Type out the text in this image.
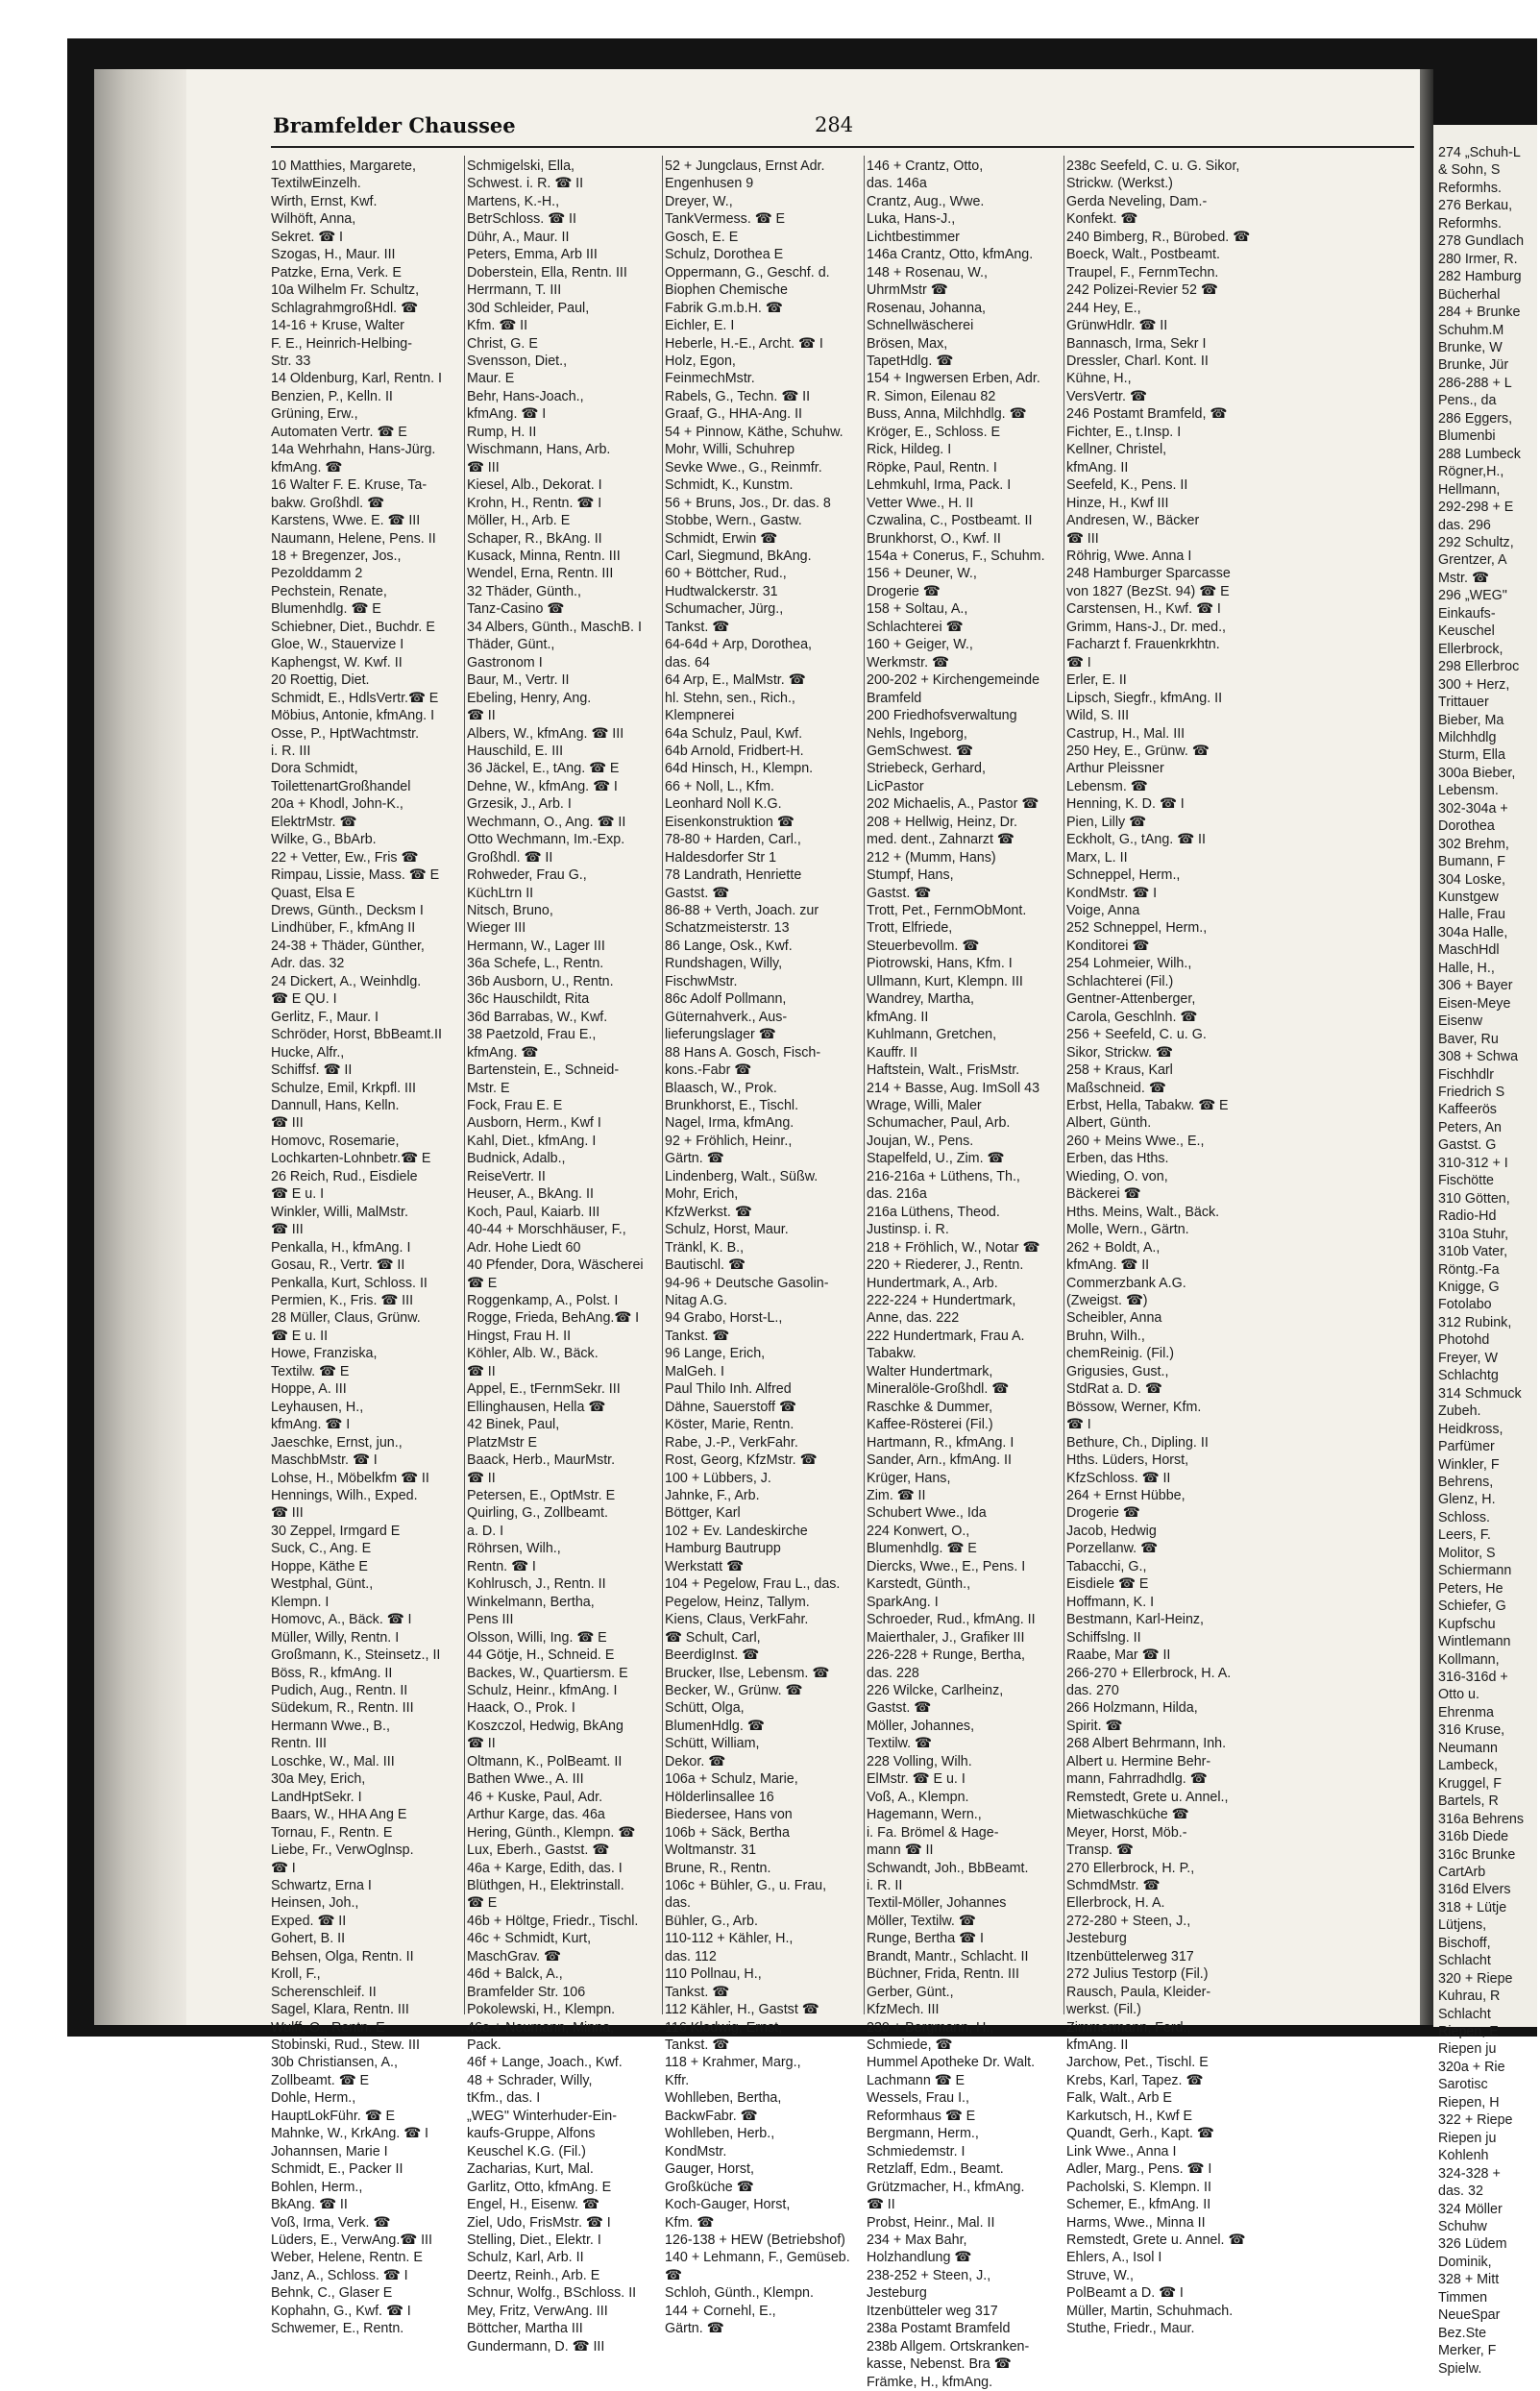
Bramfelder Chaussee	284
10 Matthies, Margarete,
TextilwEinzelh.
Wirth, Ernst, Kwf.
Wilhöft, Anna,
Sekret. ☎ I
Szogas, H., Maur. III
Patzke, Erna, Verk. E
10a Wilhelm Fr. Schultz,
SchlagrahmgroßHdl. ☎
14-16 + Kruse, Walter
F. E., Heinrich-Helbing-
Str. 33
14 Oldenburg, Karl, Rentn. I
Benzien, P., Kelln. II
Grüning, Erw.,
Automaten Vertr. ☎ E
14a Wehrhahn, Hans-Jürg.
kfmAng. ☎
16 Walter F. E. Kruse, Ta-
bakw. Großhdl. ☎
Karstens, Wwe. E. ☎ III
Naumann, Helene, Pens. II
18 + Bregenzer, Jos.,
Pezolddamm 2
Pechstein, Renate,
Blumenhdlg. ☎ E
Schiebner, Diet., Buchdr. E
Gloe, W., Stauervize I
Kaphengst, W. Kwf. II
20 Roettig, Diet.
Schmidt, E., HdlsVertr.☎ E
Möbius, Antonie, kfmAng. I
Osse, P., HptWachtmstr.
i. R. III
Dora Schmidt,
ToilettenartGroßhandel
20a + Khodl, John-K.,
ElektrMstr. ☎
Wilke, G., BbArb.
22 + Vetter, Ew., Fris ☎
Rimpau, Lissie, Mass. ☎ E
Quast, Elsa E
Drews, Günth., Decksm I
Lindhüber, F., kfmAng II
24-38 + Thäder, Günther,
Adr. das. 32
24 Dickert, A., Weinhdlg.
☎ E QU. I
Gerlitz, F., Maur. I
Schröder, Horst, BbBeamt.II
Hucke, Alfr.,
Schiffsf. ☎ II
Schulze, Emil, Krkpfl. III
Dannull, Hans, Kelln.
☎ III
Homovc, Rosemarie,
Lochkarten-Lohnbetr.☎ E
26 Reich, Rud., Eisdiele
☎ E u. I
Winkler, Willi, MalMstr.
☎ III
Penkalla, H., kfmAng. I
Gosau, R., Vertr. ☎ II
Penkalla, Kurt, Schloss. II
Permien, K., Fris. ☎ III
28 Müller, Claus, Grünw.
☎ E u. II
Howe, Franziska,
Textilw. ☎ E
Hoppe, A. III
Leyhausen, H.,
kfmAng. ☎ I
Jaeschke, Ernst, jun.,
MaschbMstr. ☎ I
Lohse, H., Möbelkfm ☎ II
Hennings, Wilh., Exped.
☎ III
30 Zeppel, Irmgard E
Suck, C., Ang. E
Hoppe, Käthe E
Westphal, Günt.,
Klempn. I
Homovc, A., Bäck. ☎ I
Müller, Willy, Rentn. I
Großmann, K., Steinsetz., II
Böss, R., kfmAng. II
Pudich, Aug., Rentn. II
Südekum, R., Rentn. III
Hermann Wwe., B.,
Rentn. III
Loschke, W., Mal. III
30a Mey, Erich,
LandHptSekr. I
Baars, W., HHA Ang E
Tornau, F., Rentn. E
Liebe, Fr., VerwOglnsp.
☎ I
Schwartz, Erna I
Heinsen, Joh.,
Exped. ☎ II
Gohert, B. II
Behsen, Olga, Rentn. II
Kroll, F.,
Scherenschleif. II
Sagel, Klara, Rentn. III
Wulff, O., Rentn. E
Stobinski, Rud., Stew. III
30b Christiansen, A.,
Zollbeamt. ☎ E
Dohle, Herm.,
HauptLokFühr. ☎ E
Mahnke, W., KrkAng. ☎ I
Johannsen, Marie I
Schmidt, E., Packer II
Bohlen, Herm.,
BkAng. ☎ II
Voß, Irma, Verk. ☎
Lüders, E., VerwAng.☎ III
Weber, Helene, Rentn. E
Janz, A., Schloss. ☎ I
Behnk, C., Glaser E
Kophahn, G., Kwf. ☎ I
Schwemer, E., Rentn.
Schmigelski, Ella,
Schwest. i. R. ☎ II
Martens, K.-H.,
BetrSchloss. ☎ II
Dühr, A., Maur. II
Peters, Emma, Arb III
Doberstein, Ella, Rentn. III
Herrmann, T. III
30d Schleider, Paul,
Kfm. ☎ II
Christ, G. E
Svensson, Diet.,
Maur. E
Behr, Hans-Joach.,
kfmAng. ☎ I
Rump, H. II
Wischmann, Hans, Arb.
☎ III
Kiesel, Alb., Dekorat. I
Krohn, H., Rentn. ☎ I
Möller, H., Arb. E
Schaper, R., BkAng. II
Kusack, Minna, Rentn. III
Wendel, Erna, Rentn. III
32 Thäder, Günth.,
Tanz-Casino ☎
34 Albers, Günth., MaschB. I
Thäder, Günt.,
Gastronom I
Baur, M., Vertr. II
Ebeling, Henry, Ang.
☎ II
Albers, W., kfmAng. ☎ III
Hauschild, E. III
36 Jäckel, E., tAng. ☎ E
Dehne, W., kfmAng. ☎ I
Grzesik, J., Arb. I
Wechmann, O., Ang. ☎ II
Otto Wechmann, Im.-Exp.
Großhdl. ☎ II
Rohweder, Frau G.,
KüchLtrn II
Nitsch, Bruno,
Wieger III
Hermann, W., Lager III
36a Schefe, L., Rentn.
36b Ausborn, U., Rentn.
36c Hauschildt, Rita
36d Barrabas, W., Kwf.
38 Paetzold, Frau E.,
kfmAng. ☎
Bartenstein, E., Schneid-
Mstr. E
Fock, Frau E. E
Ausborn, Herm., Kwf I
Kahl, Diet., kfmAng. I
Budnick, Adalb.,
ReiseVertr. II
Heuser, A., BkAng. II
Koch, Paul, Kaiarb. III
40-44 + Morschhäuser, F.,
Adr. Hohe Liedt 60
40 Pfender, Dora, Wäscherei
☎ E
Roggenkamp, A., Polst. I
Rogge, Frieda, BehAng.☎ I
Hingst, Frau H. II
Köhler, Alb. W., Bäck.
☎ II
Appel, E., tFernmSekr. III
Ellinghausen, Hella ☎
42 Binek, Paul,
PlatzMstr E
Baack, Herb., MaurMstr.
☎ II
Petersen, E., OptMstr. E
Quirling, G., Zollbeamt.
a. D. I
Röhrsen, Wilh.,
Rentn. ☎ I
Kohlrusch, J., Rentn. II
Winkelmann, Bertha,
Pens III
Olsson, Willi, Ing. ☎ E
44 Götje, H., Schneid. E
Backes, W., Quartiersm. E
Schulz, Heinr., kfmAng. I
Haack, O., Prok. I
Koszczol, Hedwig, BkAng
☎ II
Oltmann, K., PolBeamt. II
Bathen Wwe., A. III
46 + Kuske, Paul, Adr.
Arthur Karge, das. 46a
Hering, Günth., Klempn. ☎
Lux, Eberh., Gastst. ☎
46a + Karge, Edith, das. I
Blüthgen, H., Elektrinstall.
☎ E
46b + Höltge, Friedr., Tischl.
46c + Schmidt, Kurt,
MaschGrav. ☎
46d + Balck, A.,
Bramfelder Str. 106
Pokolewski, H., Klempn.
46e + Neumann, Minna,
Pack.
46f + Lange, Joach., Kwf.
48 + Schrader, Willy,
tKfm., das. I
„WEG" Winterhuder-Ein-
kaufs-Gruppe, Alfons
Keuschel K.G. (Fil.)
Zacharias, Kurt, Mal.
Garlitz, Otto, kfmAng. E
Engel, H., Eisenw. ☎
Ziel, Udo, FrisMstr. ☎ I
Stelling, Diet., Elektr. I
Schulz, Karl, Arb. II
Deertz, Reinh., Arb. E
Schnur, Wolfg., BSchloss. II
Mey, Fritz, VerwAng. III
Böttcher, Martha III
Gundermann, D. ☎ III
52 + Jungclaus, Ernst Adr.
Engenhusen 9
Dreyer, W.,
TankVermess. ☎ E
Gosch, E. E
Schulz, Dorothea E
Oppermann, G., Geschf. d.
Biophen Chemische
Fabrik G.m.b.H. ☎
Eichler, E. I
Heberle, H.-E., Archt. ☎ I
Holz, Egon,
FeinmechMstr.
Rabels, G., Techn. ☎ II
Graaf, G., HHA-Ang. II
54 + Pinnow, Käthe, Schuhw.
Mohr, Willi, Schuhrep
Sevke Wwe., G., Reinmfr.
Schmidt, K., Kunstm.
56 + Bruns, Jos., Dr. das. 8
Stobbe, Wern., Gastw.
Schmidt, Erwin ☎
Carl, Siegmund, BkAng.
60 + Böttcher, Rud.,
Hudtwalckerstr. 31
Schumacher, Jürg.,
Tankst. ☎
64-64d + Arp, Dorothea,
das. 64
64 Arp, E., MalMstr. ☎
hl. Stehn, sen., Rich.,
Klempnerei
64a Schulz, Paul, Kwf.
64b Arnold, Fridbert-H.
64d Hinsch, H., Klempn.
66 + Noll, L., Kfm.
Leonhard Noll K.G.
Eisenkonstruktion ☎
78-80 + Harden, Carl.,
Haldesdorfer Str 1
78 Landrath, Henriette
Gastst. ☎
86-88 + Verth, Joach. zur
Schatzmeisterstr. 13
86 Lange, Osk., Kwf.
Rundshagen, Willy,
FischwMstr.
86c Adolf Pollmann,
Güternahverk., Aus-
lieferungslager ☎
88 Hans A. Gosch, Fisch-
kons.-Fabr ☎
Blaasch, W., Prok.
Brunkhorst, E., Tischl.
Nagel, Irma, kfmAng.
92 + Fröhlich, Heinr.,
Gärtn. ☎
Lindenberg, Walt., Süßw.
Mohr, Erich,
KfzWerkst. ☎
Schulz, Horst, Maur.
Tränkl, K. B.,
Bautischl. ☎
94-96 + Deutsche Gasolin-
Nitag A.G.
94 Grabo, Horst-L.,
Tankst. ☎
96 Lange, Erich,
MalGeh. I
Paul Thilo Inh. Alfred
Dähne, Sauerstoff ☎
Köster, Marie, Rentn.
Rabe, J.-P., VerkFahr.
Rost, Georg, KfzMstr. ☎
100 + Lübbers, J.
Jahnke, F., Arb.
Böttger, Karl
102 + Ev. Landeskirche
Hamburg Bautrupp
Werkstatt ☎
104 + Pegelow, Frau L., das.
Pegelow, Heinz, Tallym.
Kiens, Claus, VerkFahr.
☎ Schult, Carl,
BeerdigInst. ☎
Brucker, Ilse, Lebensm. ☎
Becker, W., Grünw. ☎
Schütt, Olga,
BlumenHdlg. ☎
Schütt, William,
Dekor. ☎
106a + Schulz, Marie,
Hölderlinsallee 16
Biedersee, Hans von
106b + Säck, Bertha
Woltmanstr. 31
Brune, R., Rentn.
106c + Bühler, G., u. Frau,
das.
Bühler, G., Arb.
110-112 + Kähler, H.,
das. 112
110 Pollnau, H.,
Tankst. ☎
112 Kähler, H., Gastst ☎
116 Klodwig, Ernst,
Tankst. ☎
118 + Krahmer, Marg.,
Kffr.
Wohlleben, Bertha,
BackwFabr. ☎
Wohlleben, Herb.,
KondMstr.
Gauger, Horst,
Großküche ☎
Koch-Gauger, Horst,
Kfm. ☎
126-138 + HEW (Betriebshof)
140 + Lehmann, F., Gemüseb.
☎
Schloh, Günth., Klempn.
144 + Cornehl, E.,
Gärtn. ☎
146 + Crantz, Otto,
das. 146a
Crantz, Aug., Wwe.
Luka, Hans-J.,
Lichtbestimmer
146a Crantz, Otto, kfmAng.
148 + Rosenau, W.,
UhrmMstr ☎
Rosenau, Johanna,
Schnellwäscherei
Brösen, Max,
TapetHdlg. ☎
154 + Ingwersen Erben, Adr.
R. Simon, Eilenau 82
Buss, Anna, Milchhdlg. ☎
Kröger, E., Schloss. E
Rick, Hildeg. I
Röpke, Paul, Rentn. I
Lehmkuhl, Irma, Pack. I
Vetter Wwe., H. II
Czwalina, C., Postbeamt. II
Brunkhorst, O., Kwf. II
154a + Conerus, F., Schuhm.
156 + Deuner, W.,
Drogerie ☎
158 + Soltau, A.,
Schlachterei ☎
160 + Geiger, W.,
Werkmstr. ☎
200-202 + Kirchengemeinde
Bramfeld
200 Friedhofsverwaltung
Nehls, Ingeborg,
GemSchwest. ☎
Striebeck, Gerhard,
LicPastor
202 Michaelis, A., Pastor ☎
208 + Hellwig, Heinz, Dr.
med. dent., Zahnarzt ☎
212 + (Mumm, Hans)
Stumpf, Hans,
Gastst. ☎
Trott, Pet., FernmObMont.
Trott, Elfriede,
Steuerbevollm. ☎
Piotrowski, Hans, Kfm. I
Ullmann, Kurt, Klempn. III
Wandrey, Martha,
kfmAng. II
Kuhlmann, Gretchen,
Kauffr. II
Haftstein, Walt., FrisMstr.
214 + Basse, Aug. ImSoll 43
Wrage, Willi, Maler
Schumacher, Paul, Arb.
Joujan, W., Pens.
Stapelfeld, U., Zim. ☎
216-216a + Lüthens, Th.,
das. 216a
216a Lüthens, Theod.
Justinsp. i. R.
218 + Fröhlich, W., Notar ☎
220 + Riederer, J., Rentn.
Hundertmark, A., Arb.
222-224 + Hundertmark,
Anne, das. 222
222 Hundertmark, Frau A.
Tabakw.
Walter Hundertmark,
Mineralöle-Großhdl. ☎
Raschke & Dummer,
Kaffee-Rösterei (Fil.)
Hartmann, R., kfmAng. I
Sander, Arn., kfmAng. II
Krüger, Hans,
Zim. ☎ II
Schubert Wwe., Ida
224 Konwert, O.,
Blumenhdlg. ☎ E
Diercks, Wwe., E., Pens. I
Karstedt, Günth.,
SparkAng. I
Schroeder, Rud., kfmAng. II
Maierthaler, J., Grafiker III
226-228 + Runge, Bertha,
das. 228
226 Wilcke, Carlheinz,
Gastst. ☎
Möller, Johannes,
Textilw. ☎
228 Volling, Wilh.
ElMstr. ☎ E u. I
Voß, A., Klempn.
Hagemann, Wern.,
i. Fa. Brömel & Hage-
mann ☎ II
Schwandt, Joh., BbBeamt.
i. R. II
Textil-Möller, Johannes
Möller, Textilw. ☎
Runge, Bertha ☎ I
Brandt, Mantr., Schlacht. II
Büchner, Frida, Rentn. III
Gerber, Günt.,
KfzMech. III
230 + Bergmann, H.,
Schmiede, ☎
Hummel Apotheke Dr. Walt.
Lachmann ☎ E
Wessels, Frau I.,
Reformhaus ☎ E
Bergmann, Herm.,
Schmiedemstr. I
Retzlaff, Edm., Beamt.
Grützmacher, H., kfmAng.
☎ II
Probst, Heinr., Mal. II
234 + Max Bahr,
Holzhandlung ☎
238-252 + Steen, J.,
Jesteburg
Itzenbütteler weg 317
238a Postamt Bramfeld
238b Allgem. Ortskranken-
kasse, Nebenst. Bra ☎
Främke, H., kfmAng.
238c Seefeld, C. u. G. Sikor,
Strickw. (Werkst.)
Gerda Neveling, Dam.-
Konfekt. ☎
240 Bimberg, R., Bürobed. ☎
Boeck, Walt., Postbeamt.
Traupel, F., FernmTechn.
242 Polizei-Revier 52 ☎
244 Hey, E.,
GrünwHdlr. ☎ II
Bannasch, Irma, Sekr I
Dressler, Charl. Kont. II
Kühne, H.,
VersVertr. ☎
246 Postamt Bramfeld, ☎
Fichter, E., t.Insp. I
Kellner, Christel,
kfmAng. II
Seefeld, K., Pens. II
Hinze, H., Kwf III
Andresen, W., Bäcker
☎ III
Röhrig, Wwe. Anna I
248 Hamburger Sparcasse
von 1827 (BezSt. 94) ☎ E
Carstensen, H., Kwf. ☎ I
Grimm, Hans-J., Dr. med.,
Facharzt f. Frauenkrkhtn.
☎ I
Erler, E. II
Lipsch, Siegfr., kfmAng. II
Wild, S. III
Castrup, H., Mal. III
250 Hey, E., Grünw. ☎
Arthur Pleissner
Lebensm. ☎
Henning, K. D. ☎ I
Pien, Lilly ☎
Eckholt, G., tAng. ☎ II
Marx, L. II
Schneppel, Herm.,
KondMstr. ☎ I
Voige, Anna
252 Schneppel, Herm.,
Konditorei ☎
254 Lohmeier, Wilh.,
Schlachterei (Fil.)
Gentner-Attenberger,
Carola, Geschlnh. ☎
256 + Seefeld, C. u. G.
Sikor, Strickw. ☎
258 + Kraus, Karl
Maßschneid. ☎
Erbst, Hella, Tabakw. ☎ E
Albert, Günth.
260 + Meins Wwe., E.,
Erben, das Hths.
Wieding, O. von,
Bäckerei ☎
Hths. Meins, Walt., Bäck.
Molle, Wern., Gärtn.
262 + Boldt, A.,
kfmAng. ☎ II
Commerzbank A.G.
(Zweigst. ☎)
Scheibler, Anna
Bruhn, Wilh.,
chemReinig. (Fil.)
Grigusies, Gust.,
StdRat a. D. ☎
Bössow, Werner, Kfm.
☎ I
Bethure, Ch., Dipling. II
Hths. Lüders, Horst,
KfzSchloss. ☎ II
264 + Ernst Hübbe,
Drogerie ☎
Jacob, Hedwig
Porzellanw. ☎
Tabacchi, G.,
Eisdiele ☎ E
Hoffmann, K. I
Bestmann, Karl-Heinz,
Schiffslng. II
Raabe, Mar ☎ II
266-270 + Ellerbrock, H. A.
das. 270
266 Holzmann, Hilda,
Spirit. ☎
268 Albert Behrmann, Inh.
Albert u. Hermine Behr-
mann, Fahrradhdlg. ☎
Remstedt, Grete u. Annel.,
Mietwaschküche ☎
Meyer, Horst, Möb.-
Transp. ☎
270 Ellerbrock, H. P.,
SchmdMstr. ☎
Ellerbrock, H. A.
272-280 + Steen, J.,
Jesteburg
Itzenbüttelerweg 317
272 Julius Testorp (Fil.)
Rausch, Paula, Kleider-
werkst. (Fil.)
Zimmermann, Ferd.,
kfmAng. II
Jarchow, Pet., Tischl. E
Krebs, Karl, Tapez. ☎
Falk, Walt., Arb E
Karkutsch, H., Kwf E
Quandt, Gerh., Kapt. ☎
Link Wwe., Anna I
Adler, Marg., Pens. ☎ I
Pacholski, S. Klempn. II
Schemer, E., kfmAng. II
Harms, Wwe., Minna II
Remstedt, Grete u. Annel. ☎
Ehlers, A., Isol I
Struve, W.,
PolBeamt a D. ☎ I
Müller, Martin, Schuhmach.
Stuthe, Friedr., Maur.
274 „Schuh-L
& Sohn, S
Reformhs.
276 Berkau,
Reformhs.
278 Gundlach
280 Irmer, R.
282 Hamburg
Bücherhal
284 + Brunke
Schuhm.M
Brunke, W
Brunke, Jür
286-288 + L
Pens., da
286 Eggers,
Blumenbi
288 Lumbeck
Rögner,H.,
Hellmann,
292-298 + E
das. 296
292 Schultz,
Grentzer, A
Mstr. ☎
296 „WEG"
Einkaufs-
Keuschel
Ellerbrock,
298 Ellerbroc
300 + Herz,
Trittauer
Bieber, Ma
Milchhdlg
Sturm, Ella
300a Bieber,
Lebensm.
302-304a +
Dorothea
302 Brehm,
Bumann, F
304 Loske,
Kunstgew
Halle, Frau
304a Halle,
MaschHdl
Halle, H.,
306 + Bayer
Eisen-Meye
Eisenw
Baver, Ru
308 + Schwa
Fischhdlr
Friedrich S
Kaffeerös
Peters, An
Gastst. G
310-312 + I
Fischötte
310 Götten,
Radio-Hd
310a Stuhr,
310b Vater,
Röntg.-Fa
Knigge, G
Fotolabo
312 Rubink,
Photohd
Freyer, W
Schlachtg
314 Schmuck
Zubeh.
Heidkross,
Parfümer
Winkler, F
Behrens,
Glenz, H.
Schloss.
Leers, F.
Molitor, S
Schiermann
Peters, He
Schiefer, G
Kupfschu
Wintlemann
Kollmann,
316-316d +
Otto u.
Ehrenma
316 Kruse,
Neumann
Lambeck,
Kruggel, F
Bartels, R
316a Behrens
316b Diede
316c Brunke
CartArb
316d Elvers
318 + Lütje
Lütjens,
Bischoff,
Schlacht
320 + Riepe
Kuhrau, R
Schlacht
Riepen, E
Riepen ju
320a + Rie
Sarotisc
Riepen, H
322 + Riepe
Riepen ju
Kohlenh
324-328 +
das. 32
324 Möller
Schuhw
326 Lüdem
Dominik,
328 + Mitt
Timmen
NeueSpar
Bez.Ste
Merker, F
Spielw.
